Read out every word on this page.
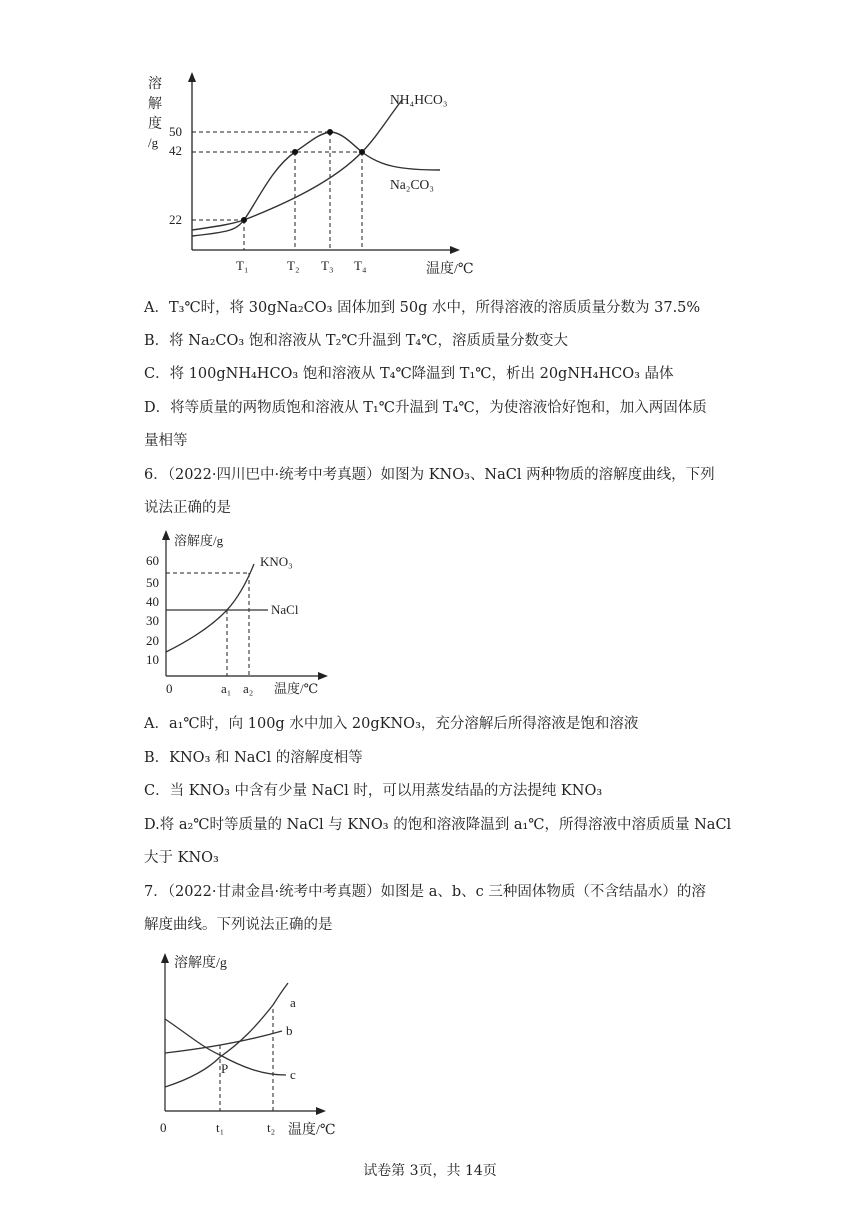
溶
解
度
/g
50
42
22
NH₄HCO₃
Na₂CO₃
T₁	T₂ T₃ T₄	温度/℃
A．T₃℃时，将 30gNa₂CO₃ 固体加到 50g 水中，所得溶液的溶质质量分数为 37.5%
B．将 Na₂CO₃ 饱和溶液从 T₂℃升温到 T₄℃，溶质质量分数变大
C．将 100gNH₄HCO₃ 饱和溶液从 T₄℃降温到 T₁℃，析出 20gNH₄HCO₃ 晶体
D．将等质量的两物质饱和溶液从 T₁℃升温到 T₄℃，为使溶液恰好饱和，加入两固体质
量相等
6．（2022·四川巴中·统考中考真题）如图为 KNO₃、NaCl 两种物质的溶解度曲线，下列
说法正确的是
溶解度/g
60
50
40
30
20
10
KNO₃
NaCl
0	a₁ a₂ 温度/℃
A．a₁℃时，向 100g 水中加入 20gKNO₃，充分溶解后所得溶液是饱和溶液
B．KNO₃ 和 NaCl 的溶解度相等
C．当 KNO₃ 中含有少量 NaCl 时，可以用蒸发结晶的方法提纯 KNO₃
D.将 a₂℃时等质量的 NaCl 与 KNO₃ 的饱和溶液降温到 a₁℃，所得溶液中溶质质量 NaCl
大于 KNO₃
7．（2022·甘肃金昌·统考中考真题）如图是 a、b、c 三种固体物质（不含结晶水）的溶
解度曲线。下列说法正确的是
溶解度/g
a
b
c
P
0	t₁	t₂ 温度/℃
试卷第 3页，共 14页
